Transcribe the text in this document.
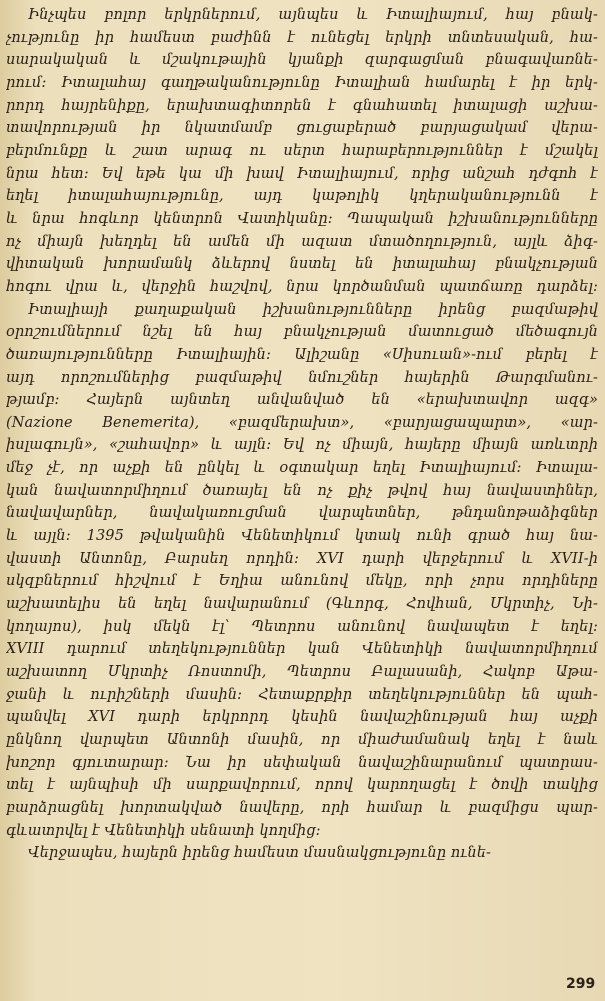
Ինչպես բոլոր երկրներում, այնպես և Իտալիայում, հայ բնակ-
չությունը իր համեստ բաժինն է ունեցել երկրի տնտեսական, հա-
սարակական և մշակութային կյանքի զարգացման բնագավառնե-
րում։ Իտալահայ գաղթականությունը Իտալիան համարել է իր երկ-
րորդ հայրենիքը, երախտագիտորեն է գնահատել իտալացի աշխա-
տավորության իր նկատմամբ ցուցաբերած բարյացակամ վերա-
բերմունքը և շատ արագ ու սերտ հարաբերություններ է մշակել
նրա հետ։ Եվ եթե կա մի խավ Իտալիայում, որից անշահ դժգոհ է
եղել իտալահայությունը, այդ կաթոլիկ կղերականությունն է
և նրա հոգևոր կենտրոն Վատիկանը։ Պապական իշխանությունները
ոչ միայն խեղդել են ամեն մի ազատ մտածողություն, այլև ձիգ-
վիտական խորամանկ ձևերով նստել են իտալահայ բնակչության
հոգու վրա և, վերջին հաշվով, նրա կործանման պատճառը դարձել։
Իտալիայի քաղաքական իշխանությունները իրենց բազմաթիվ
օրոշումներում նշել են հայ բնակչության մատուցած մեծագույն
ծառայությունները Իտալիային։ Ալիշանը «Սիսուան»-ում բերել է
այդ որոշումներից բազմաթիվ նմուշներ հայերին Թարգմանու-
թյամբ։ Հայերն այնտեղ անվանված են «երախտավոր ազգ»
(Nazione Benemerita), «բազմերախտ», «բարյացապարտ», «ար-
իսլագույն», «շահավոր» և այլն։ Եվ ոչ միայն, հայերը միայն առևտրի
մեջ չէ, որ աչքի են ընկել և օգտակար եղել Իտալիայում։ Իտալա-
կան նավատորմիղում ծառայել են ոչ քիչ թվով հայ նավաստիներ,
նավավարներ, նավակառուցման վարպետներ, թնդանոթաձիգներ
և այլն։ 1395 թվականին Վենետիկում կտակ ունի գրած հայ նա-
վաստի Անտոնը, Բարսեղ որդին։ XVI դարի վերջերում և XVII-ի
սկզբներում հիշվում է Եղիա անունով մեկը, որի չորս որդիները
աշխատելիս են եղել նավարանում (Գևորգ, Հովհան, Մկրտիչ, Նի-
կողայոս), իսկ մեկն էլ՝ Պետրոս անունով նավապետ է եղել։
XVIII դարում տեղեկություններ կան Վենետիկի նավատորմիղում
աշխատող Մկրտիչ Ռոստոմի, Պետրոս Բալասանի, Հակոբ Աթա-
ջանի և ուրիշների մասին։ Հետաքրքիր տեղեկություններ են պահ-
պանվել XVI դարի երկրորդ կեսին նավաշինության հայ աչքի
ընկնող վարպետ Անտոնի մասին, որ միաժամանակ եղել է նաև
խոշոր գյուտարար։ Նա իր սեփական նավաշինարանում պատրաս-
տել է այնպիսի մի սարքավորում, որով կարողացել է ծովի տակից
բարձրացնել խորտակված նավերը, որի համար և բազմիցս պար-
գևատրվել է Վենետիկի սենատի կողմից։
Վերջապես, հայերն իրենց համեստ մասնակցությունը ունե-
299
